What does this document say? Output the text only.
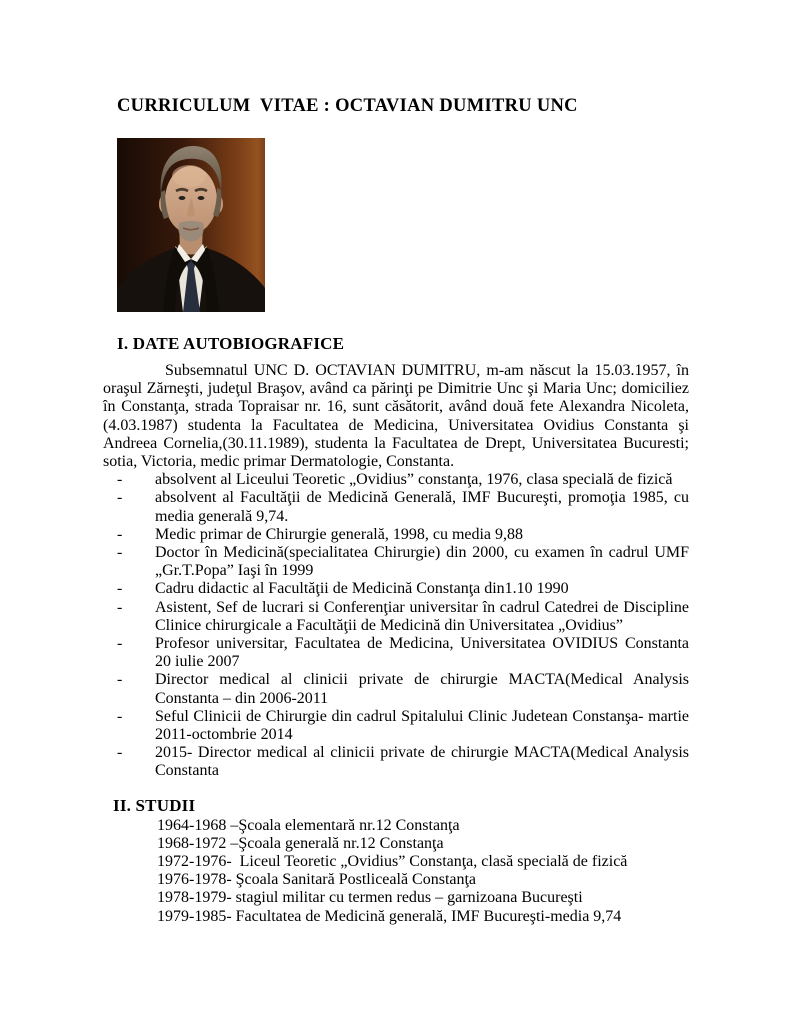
CURRICULUM  VITAE : OCTAVIAN DUMITRU UNC
I. DATE AUTOBIOGRAFICE

Subsemnatul UNC D. OCTAVIAN DUMITRU, m-am născut la 15.03.1957, în oraşul Zărneşti, judeţul Braşov, având ca părinţi pe Dimitrie Unc şi Maria Unc; domiciliez în Constanţa, strada Topraisar nr. 16, sunt căsătorit, având două fete Alexandra Nicoleta,(4.03.1987) studenta la Facultatea de Medicina, Universitatea Ovidius Constanta şi  Andreea Cornelia,(30.11.1989), studenta la Facultatea de Drept, Universitatea Bucuresti; sotia, Victoria, medic primar Dermatologie, Constanta.

- absolvent al Liceului Teoretic „Ovidius” constanţa, 1976, clasa specială de fizică
- absolvent al Facultăţii de Medicină Generală, IMF Bucureşti, promoţia 1985, cu media generală 9,74.
- Medic primar de Chirurgie generală, 1998, cu media 9,88
- Doctor în Medicină(specialitatea Chirurgie) din 2000, cu examen în cadrul UMF „Gr.T.Popa” Iaşi în 1999
- Cadru didactic al Facultăţii de Medicină Constanţa din1.10 1990
- Asistent, Sef de lucrari si Conferenţiar universitar în cadrul Catedrei de Discipline Clinice chirurgicale a Facultăţii de Medicină din Universitatea „Ovidius”
- Profesor universitar, Facultatea de Medicina, Universitatea OVIDIUS Constanta 20 iulie 2007
- Director medical al clinicii private de chirurgie MACTA(Medical Analysis Constanta – din 2006-2011
- Seful Clinicii de Chirurgie din cadrul Spitalului Clinic Judetean Constanşa- martie 2011-octombrie 2014
- 2015- Director medical al clinicii private de chirurgie MACTA(Medical Analysis Constanta
II. STUDII
1964-1968 –Şcoala elementară nr.12 Constanţa
1968-1972 –Şcoala generală nr.12 Constanţa
1972-1976-  Liceul Teoretic „Ovidius” Constanţa, clasă specială de fizică
1976-1978- Şcoala Sanitară Postliceală Constanţa
1978-1979- stagiul militar cu termen redus – garnizoana Bucureşti
1979-1985- Facultatea de Medicină generală, IMF Bucureşti-media 9,74
